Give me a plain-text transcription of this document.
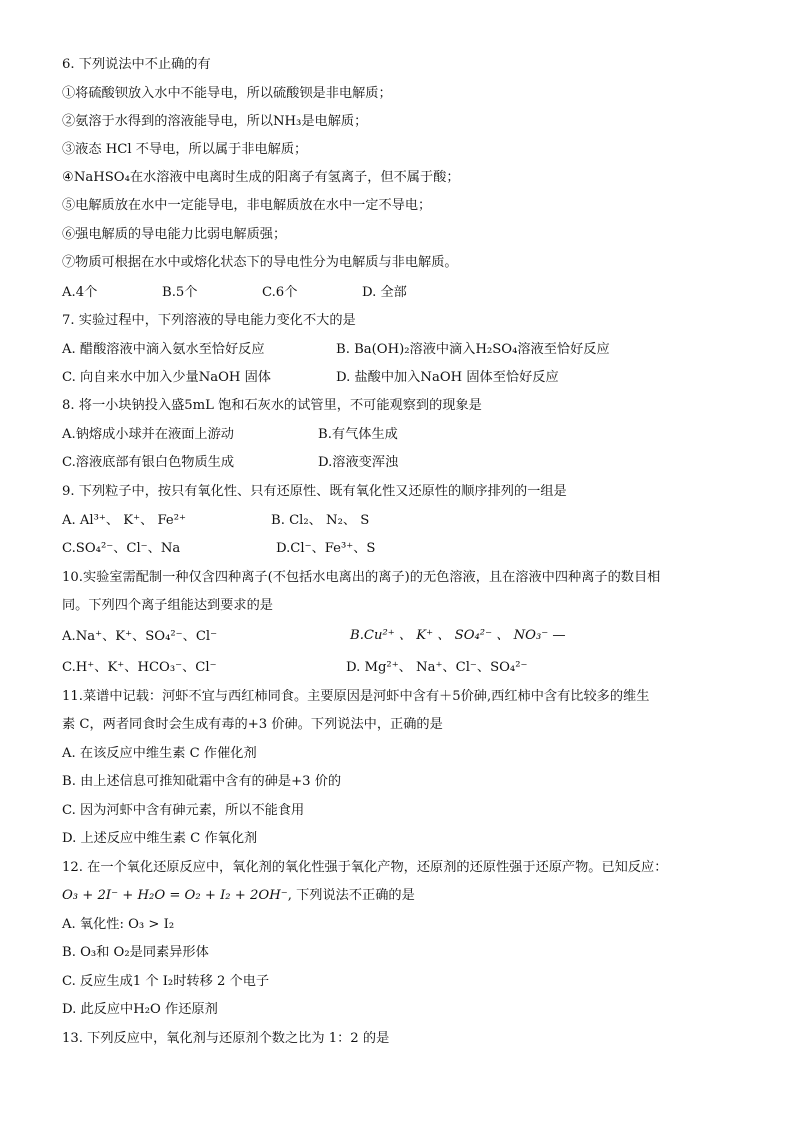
6. 下列说法中不止确的有
①将硫酸钡放入水中不能导电，所以硫酸钡是非电解质；
②氨溶于水得到的溶液能导电，所以NH₃是电解质；
③液态 HCl 不导电，所以属于非电解质；
④NaHSO₄在水溶液中电离时生成的阳离子有氢离子，但不属于酸；
⑤电解质放在水中一定能导电，非电解质放在水中一定不导电；
⑥强电解质的导电能力比弱电解质强；
⑦物质可根据在水中或熔化状态下的导电性分为电解质与非电解质。
A.4个	B.5个	C.6个	D. 全部
7. 实验过程中，下列溶液的导电能力变化不大的是
A. 醋酸溶液中滴入氨水至恰好反应	B. Ba(OH)₂溶液中滴入H₂SO₄溶液至恰好反应
C. 向自来水中加入少量NaOH 固体	D. 盐酸中加入NaOH 固体至恰好反应
8. 将一小块钠投入盛5mL 饱和石灰水的试管里，不可能观察到的现象是
A.钠熔成小球并在液面上游动	B.有气体生成
C.溶液底部有银白色物质生成	D.溶液变浑浊
9. 下列粒子中，按只有氧化性、只有还原性、既有氧化性又还原性的顺序排列的一组是
A. Al³⁺、 K⁺、 Fe²⁺	B. Cl₂、 N₂、 S
C.SO₄²⁻、Cl⁻、Na	D.Cl⁻、Fe³⁺、S
10.实验室需配制一种仅含四种离子(不包括水电离出的离子)的无色溶液，且在溶液中四种离子的数目相
同。下列四个离子组能达到要求的是
A.Na⁺、K⁺、SO₄²⁻、Cl⁻	B.Cu²⁺ 、 K⁺ 、 SO₄²⁻ 、 NO₃⁻ —
C.H⁺、K⁺、HCO₃⁻、Cl⁻	D. Mg²⁺、 Na⁺、Cl⁻、SO₄²⁻
11.菜谱中记载：河虾不宜与西红柿同食。主要原因是河虾中含有＋5价砷,西红柿中含有比较多的维生
素 C，两者同食时会生成有毒的+3 价砷。下列说法中，正确的是
A. 在该反应中维生素 C 作催化剂
B. 由上述信息可推知砒霜中含有的砷是+3 价的
C. 因为河虾中含有砷元素，所以不能食用
D. 上述反应中维生素 C 作氧化剂
12. 在一个氧化还原反应中，氧化剂的氧化性强于氧化产物，还原剂的还原性强于还原产物。已知反应：
O₃ + 2I⁻ + H₂O = O₂ + I₂ + 2OH⁻, 下列说法不正确的是
A. 氧化性: O₃ > I₂
B. O₃和 O₂是同素异形体
C. 反应生成1 个 I₂时转移 2 个电子
D. 此反应中H₂O 作还原剂
13. 下列反应中，氧化剂与还原剂个数之比为 1：2 的是
